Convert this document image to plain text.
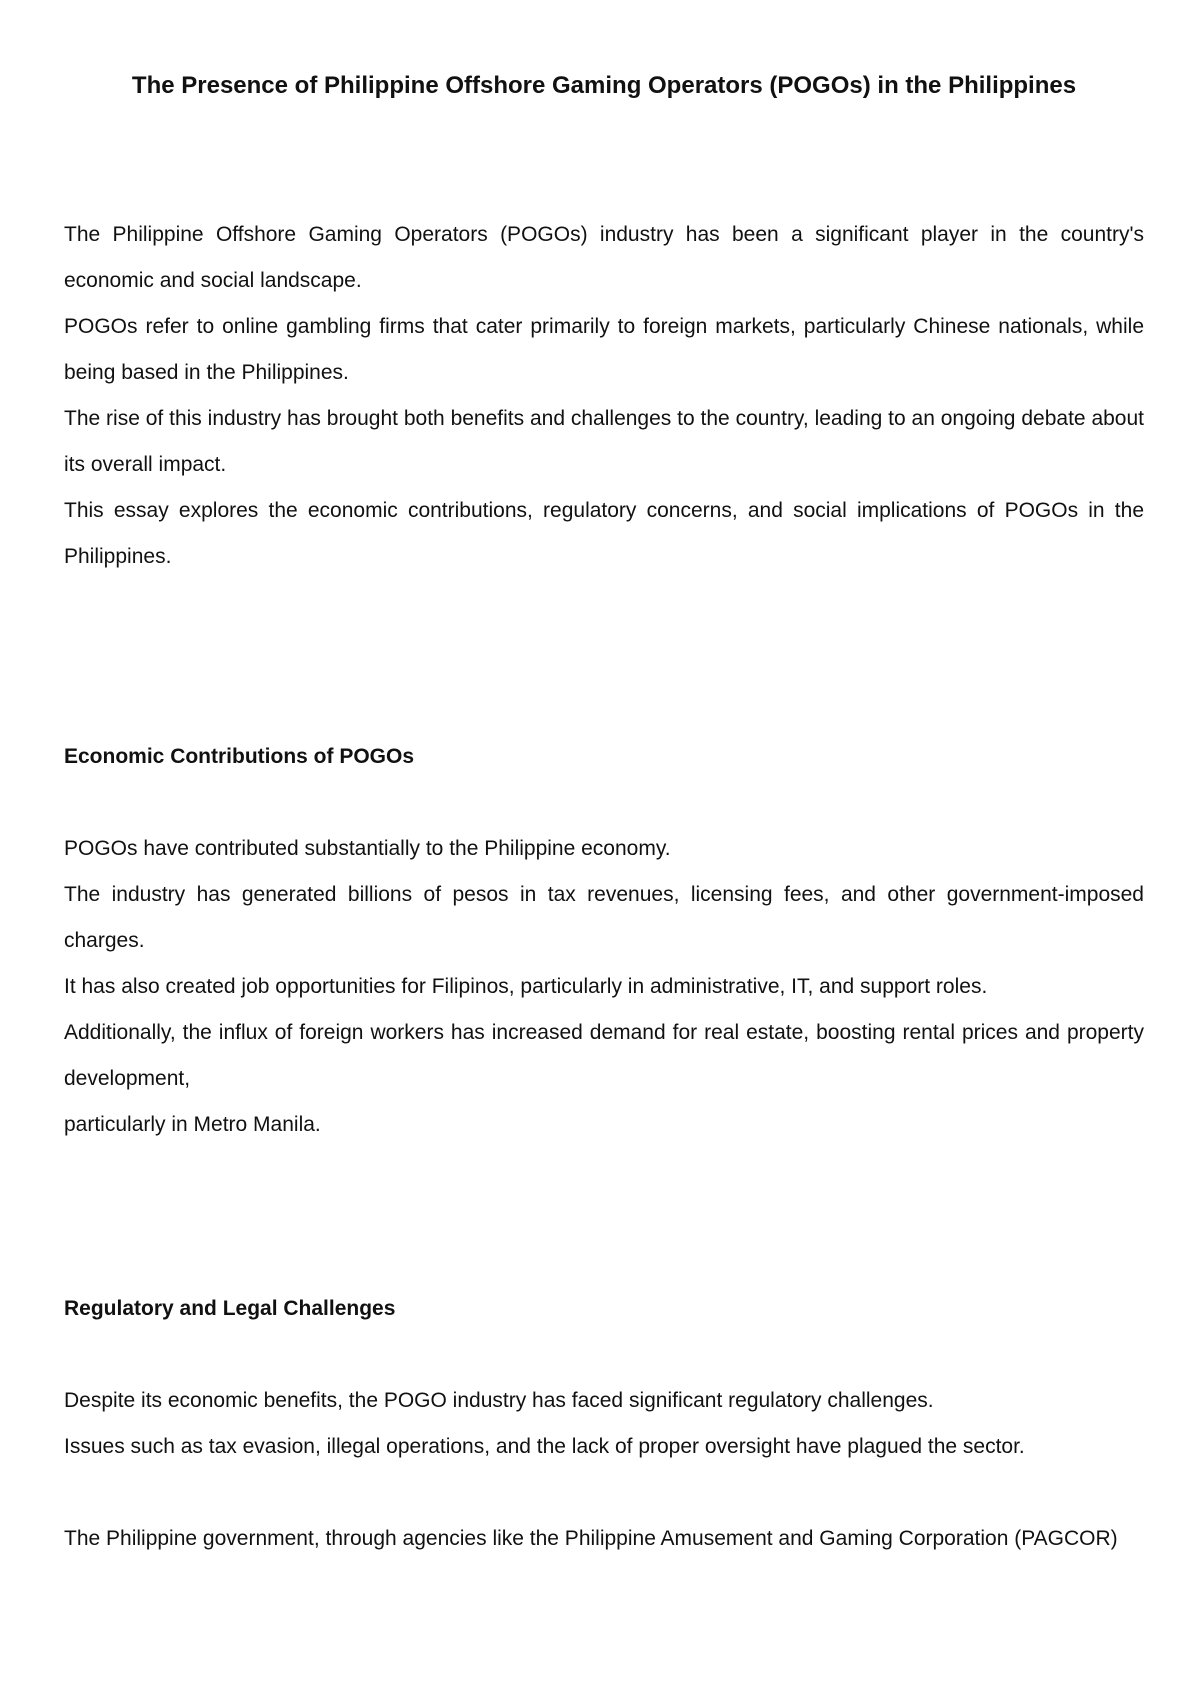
The Presence of Philippine Offshore Gaming Operators (POGOs) in the Philippines

The Philippine Offshore Gaming Operators (POGOs) industry has been a significant player in the country's economic and social landscape.

POGOs refer to online gambling firms that cater primarily to foreign markets, particularly Chinese nationals, while being based in the Philippines.

The rise of this industry has brought both benefits and challenges to the country, leading to an ongoing debate about its overall impact.

This essay explores the economic contributions, regulatory concerns, and social implications of POGOs in the Philippines.

Economic Contributions of POGOs

POGOs have contributed substantially to the Philippine economy.

The industry has generated billions of pesos in tax revenues, licensing fees, and other government-imposed charges.

It has also created job opportunities for Filipinos, particularly in administrative, IT, and support roles.

Additionally, the influx of foreign workers has increased demand for real estate, boosting rental prices and property development,

particularly in Metro Manila.

Regulatory and Legal Challenges

Despite its economic benefits, the POGO industry has faced significant regulatory challenges.

Issues such as tax evasion, illegal operations, and the lack of proper oversight have plagued the sector.

The Philippine government, through agencies like the Philippine Amusement and Gaming Corporation (PAGCOR)
